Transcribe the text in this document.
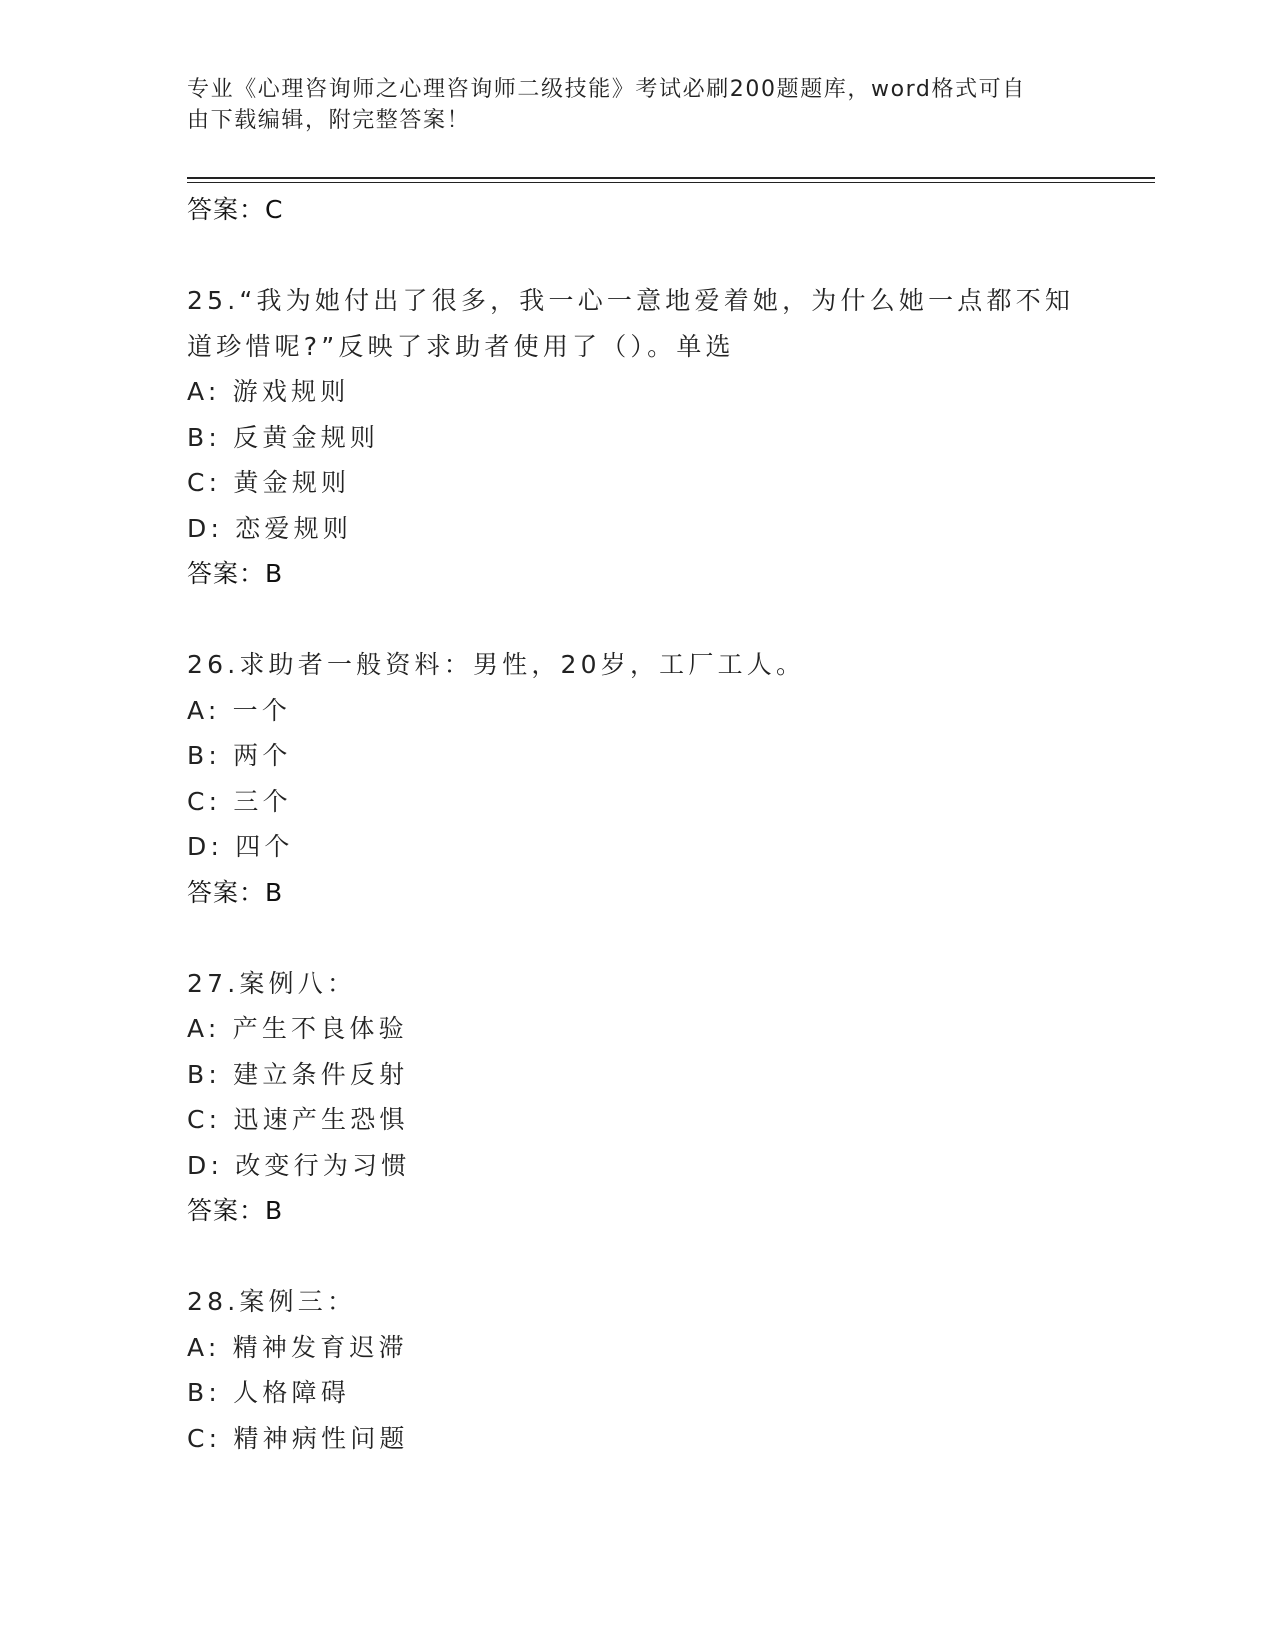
专业《心理咨询师之心理咨询师二级技能》考试必刷200题题库，word格式可自
由下载编辑，附完整答案！
答案：C
25.“我为她付出了很多，我一心一意地爱着她，为什么她一点都不知
道珍惜呢?”反映了求助者使用了（）。单选
A: 游戏规则
B: 反黄金规则
C: 黄金规则
D: 恋爱规则
答案：B
26.求助者一般资料：男性，20岁，工厂工人。
A: 一个
B: 两个
C: 三个
D: 四个
答案：B
27.案例八：
A: 产生不良体验
B: 建立条件反射
C: 迅速产生恐惧
D: 改变行为习惯
答案：B
28.案例三：
A: 精神发育迟滞
B: 人格障碍
C: 精神病性问题
